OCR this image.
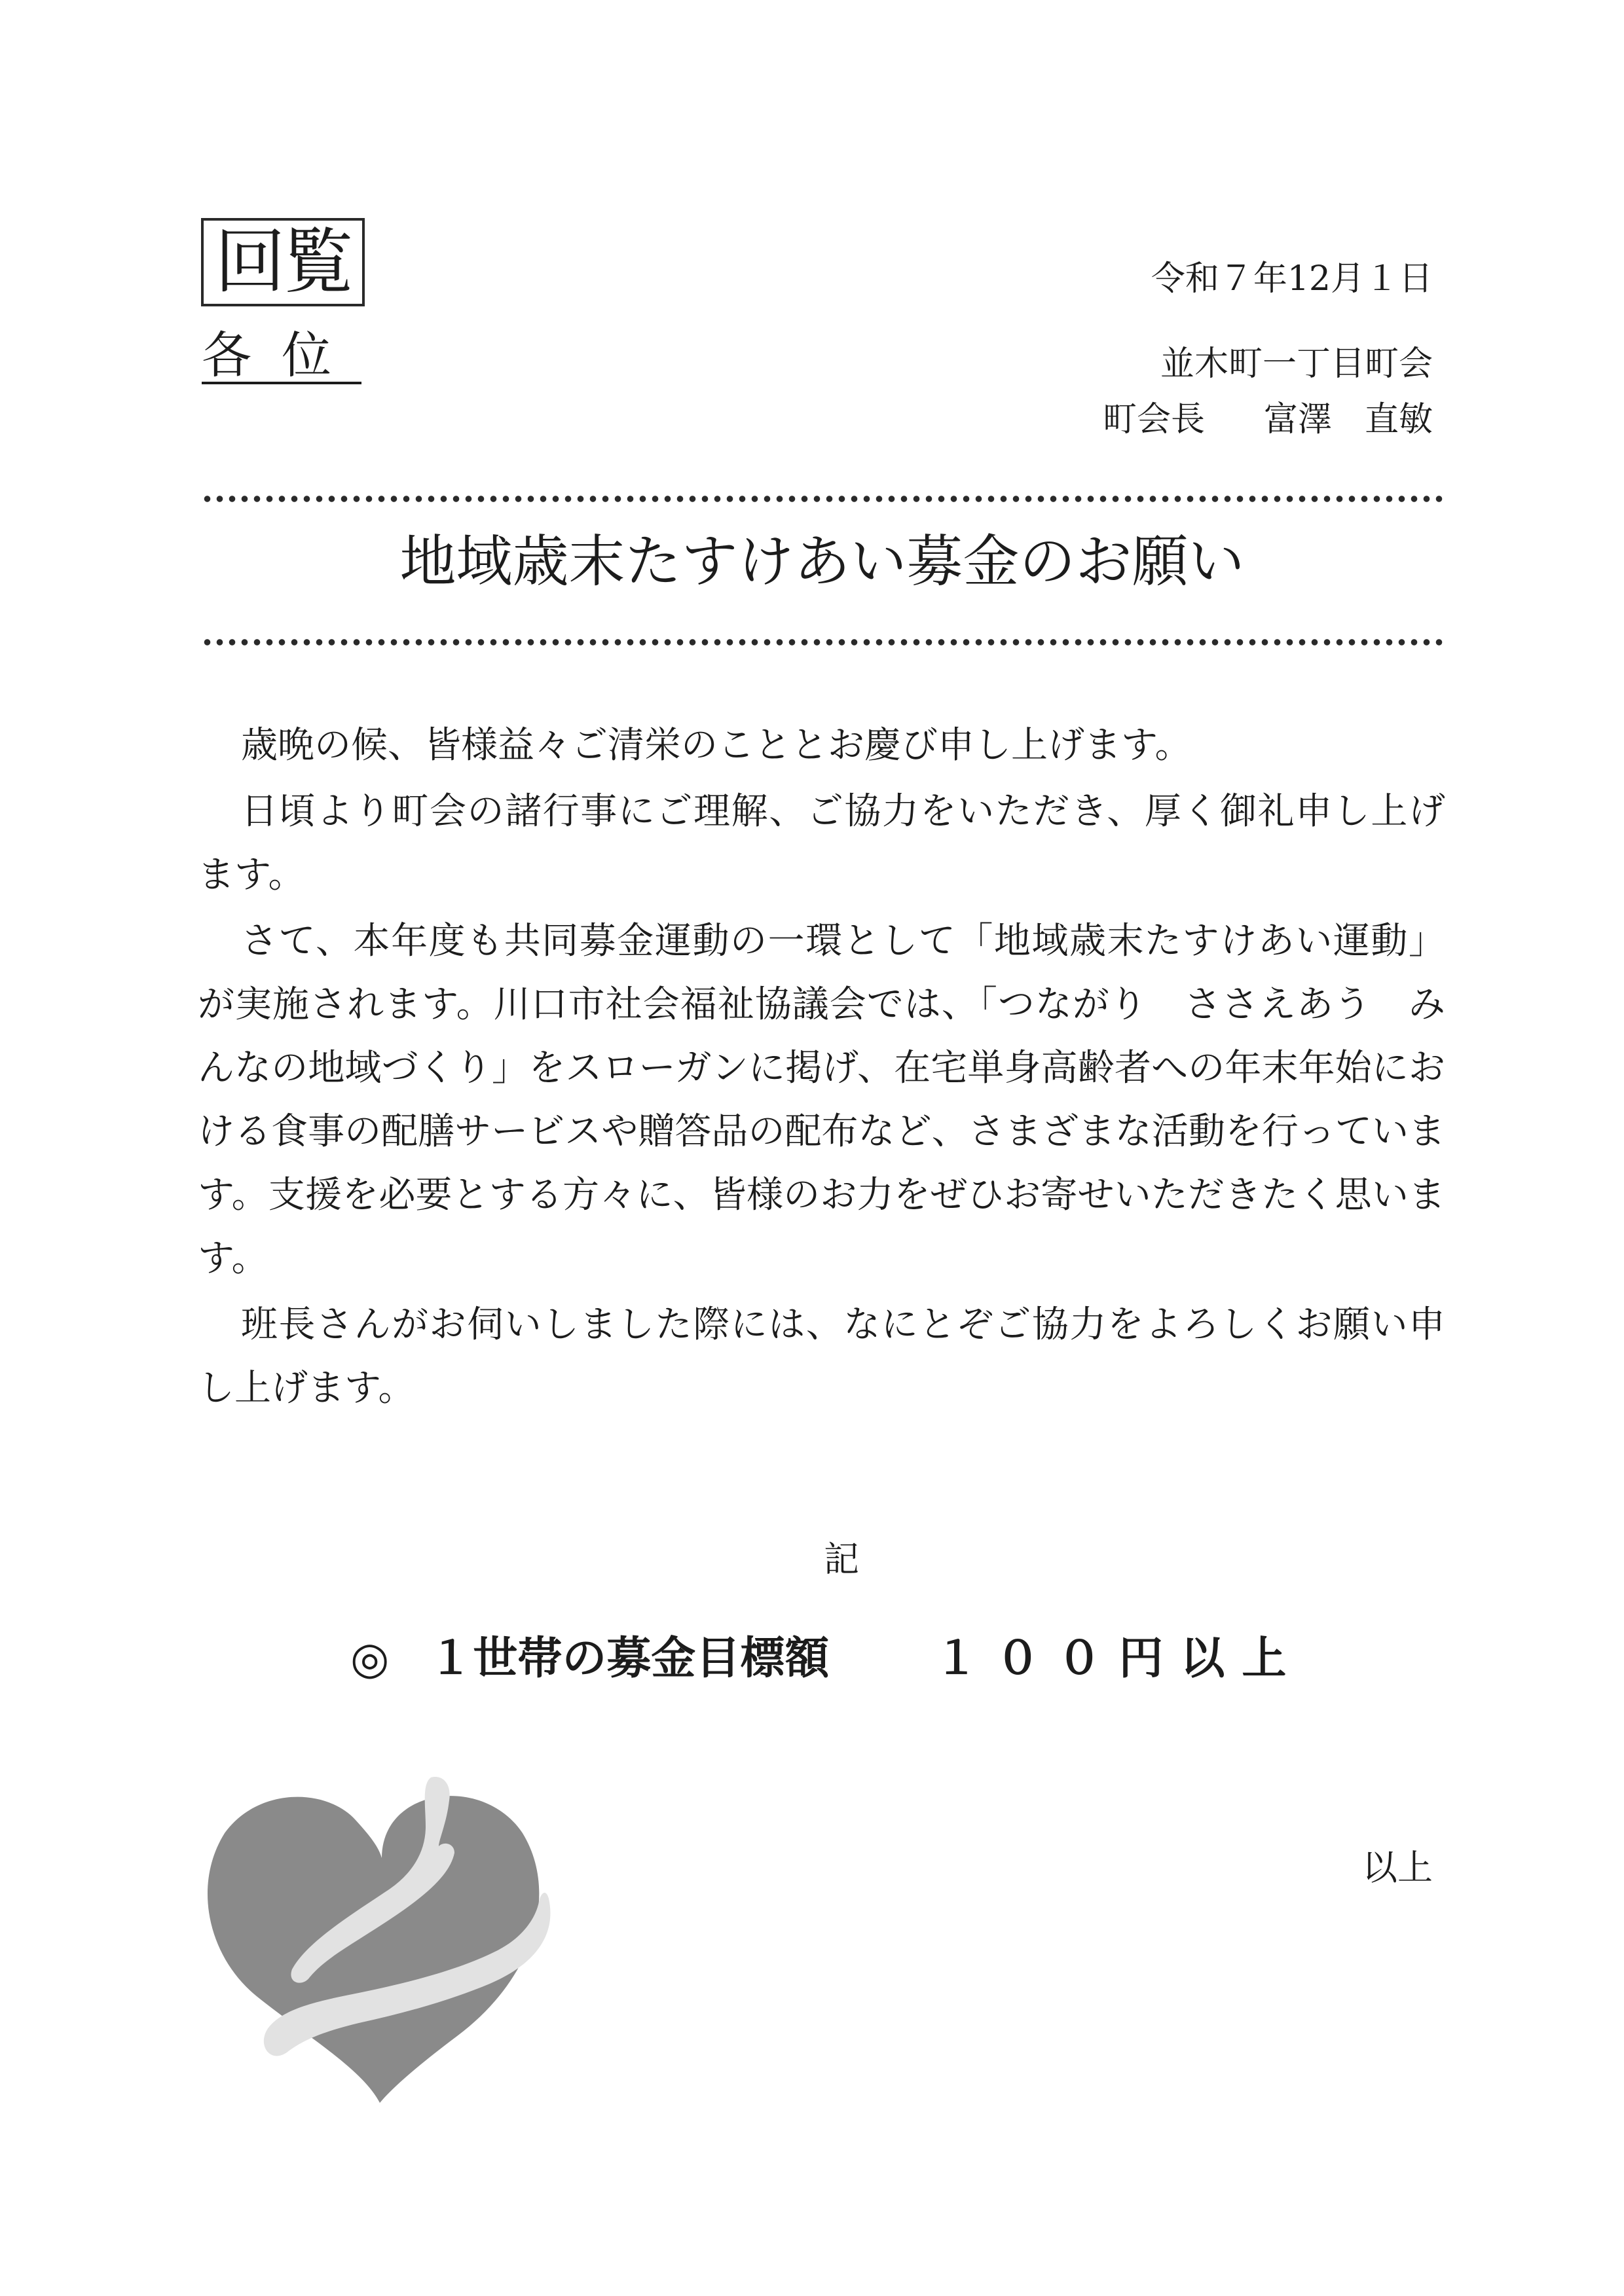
回覧
各位
令和７年12月１日
並木町一丁目町会
町会長 富澤 直敏
地域歳末たすけあい募金のお願い

歳晩の候、皆様益々ご清栄のこととお慶び申し上げます。

日頃より町会の諸行事にご理解、ご協力をいただき、厚く御礼申し上げます。

さて、本年度も共同募金運動の一環として「地域歳末たすけあい運動」が実施されます。川口市社会福祉協議会では、「つながり　ささえあう　みんなの地域づくり」をスローガンに掲げ、在宅単身高齢者への年末年始における食事の配膳サービスや贈答品の配布など、さまざまな活動を行っています。支援を必要とする方々に、皆様のお力をぜひお寄せいただきたく思います。

班長さんがお伺いしました際には、なにとぞご協力をよろしくお願い申し上げます。

記
◎ １世帯の募金目標額 １００円以上
以上
